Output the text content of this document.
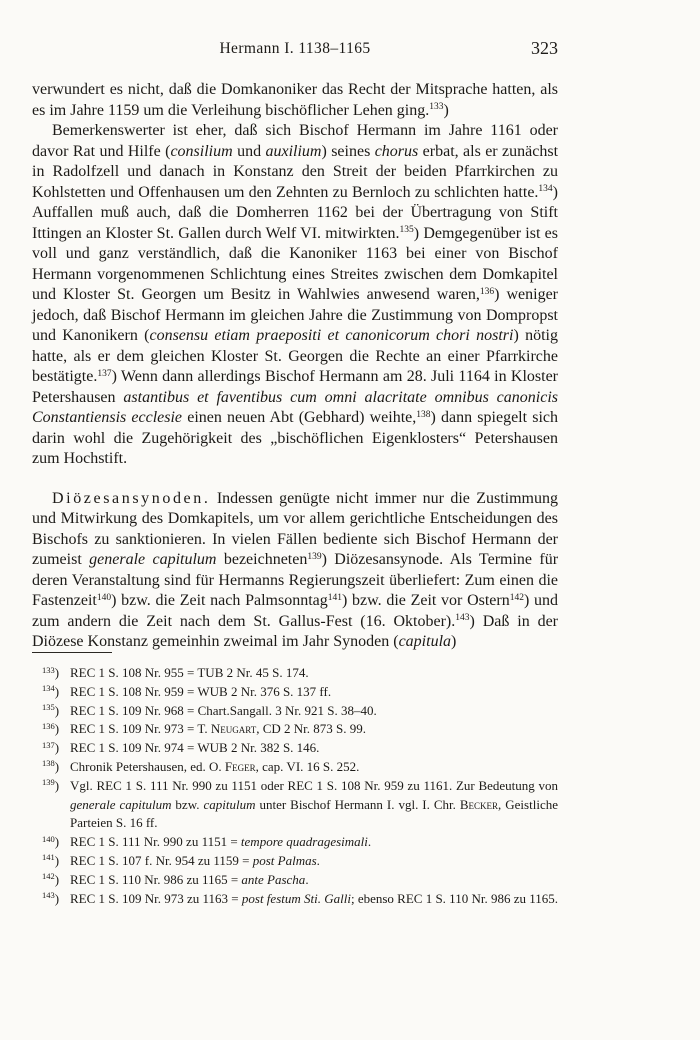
Hermann I. 1138–1165	323

verwundert es nicht, daß die Domkanoniker das Recht der Mitsprache hatten, als es im Jahre 1159 um die Verleihung bischöflicher Lehen ging.$^{133}$)

Bemerkenswerter ist eher, daß sich Bischof Hermann im Jahre 1161 oder davor Rat und Hilfe (consilium und auxilium) seines chorus erbat, als er zunächst in Radolfzell und danach in Konstanz den Streit der beiden Pfarrkirchen zu Kohlstetten und Offenhausen um den Zehnten zu Bernloch zu schlichten hatte.$^{134}$) Auffallen muß auch, daß die Domherren 1162 bei der Übertragung von Stift Ittingen an Kloster St. Gallen durch Welf VI. mitwirkten.$^{135}$) Demgegenüber ist es voll und ganz verständlich, daß die Kanoniker 1163 bei einer von Bischof Hermann vorgenommenen Schlichtung eines Streites zwischen dem Domkapitel und Kloster St. Georgen um Besitz in Wahlwies anwesend waren,$^{136}$) weniger jedoch, daß Bischof Hermann im gleichen Jahre die Zustimmung von Dompropst und Kanonikern (consensu etiam praepositi et canonicorum chori nostri) nötig hatte, als er dem gleichen Kloster St. Georgen die Rechte an einer Pfarrkirche bestätigte.$^{137}$) Wenn dann allerdings Bischof Hermann am 28. Juli 1164 in Kloster Petershausen astantibus et faventibus cum omni alacritate omnibus canonicis Constantiensis ecclesie einen neuen Abt (Gebhard) weihte,$^{138}$) dann spiegelt sich darin wohl die Zugehörigkeit des „bischöflichen Eigenklosters“ Petershausen zum Hochstift.

Diözesansynoden. Indessen genügte nicht immer nur die Zustimmung und Mitwirkung des Domkapitels, um vor allem gerichtliche Entscheidungen des Bischofs zu sanktionieren. In vielen Fällen bediente sich Bischof Hermann der zumeist generale capitulum bezeichneten$^{139}$) Diözesansynode. Als Termine für deren Veranstaltung sind für Hermanns Regierungszeit überliefert: Zum einen die Fastenzeit$^{140}$) bzw. die Zeit nach Palmsonntag$^{141}$) bzw. die Zeit vor Ostern$^{142}$) und zum andern die Zeit nach dem St. Gallus-Fest (16. Oktober).$^{143}$) Daß in der Diözese Konstanz gemeinhin zweimal im Jahr Synoden (capitula)

$^{133}$) REC 1 S. 108 Nr. 955 = TUB 2 Nr. 45 S. 174.
$^{134}$) REC 1 S. 108 Nr. 959 = WUB 2 Nr. 376 S. 137 ff.
$^{135}$) REC 1 S. 109 Nr. 968 = Chart.Sangall. 3 Nr. 921 S. 38–40.
$^{136}$) REC 1 S. 109 Nr. 973 = T. Neugart, CD 2 Nr. 873 S. 99.
$^{137}$) REC 1 S. 109 Nr. 974 = WUB 2 Nr. 382 S. 146.
$^{138}$) Chronik Petershausen, ed. O. Feger, cap. VI. 16 S. 252.
$^{139}$) Vgl. REC 1 S. 111 Nr. 990 zu 1151 oder REC 1 S. 108 Nr. 959 zu 1161. Zur Bedeutung von generale capitulum bzw. capitulum unter Bischof Hermann I. vgl. I. Chr. Becker, Geistliche Parteien S. 16 ff.
$^{140}$) REC 1 S. 111 Nr. 990 zu 1151 = tempore quadragesimali.
$^{141}$) REC 1 S. 107 f. Nr. 954 zu 1159 = post Palmas.
$^{142}$) REC 1 S. 110 Nr. 986 zu 1165 = ante Pascha.
$^{143}$) REC 1 S. 109 Nr. 973 zu 1163 = post festum Sti. Galli; ebenso REC 1 S. 110 Nr. 986 zu 1165.
